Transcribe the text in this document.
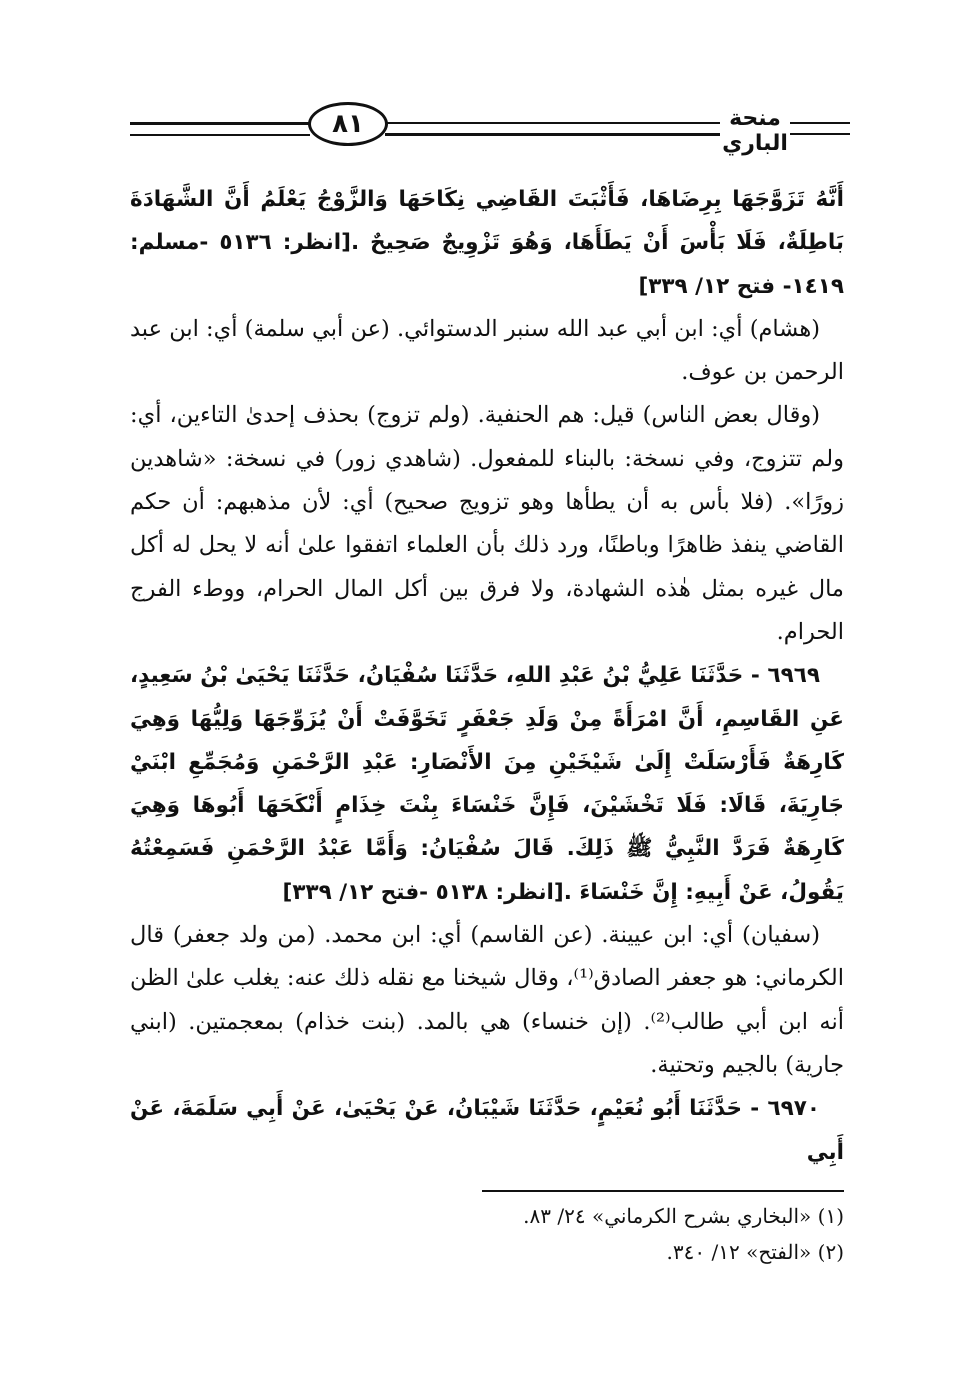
٨١	منحة الباري

أَنَّهُ تَزَوَّجَهَا بِرِضَاهَا، فَأَثْبَتَ القَاضِي نِكَاحَهَا وَالزَّوْجُ يَعْلَمُ أَنَّ الشَّهَادَةَ بَاطِلَةٌ، فَلَا بَأْسَ أَنْ يَطَأَهَا، وَهُوَ تَزْوِيجٌ صَحِيحٌ .[انظر: ٥١٣٦ -مسلم: ١٤١٩- فتح ١٢/ ٣٣٩]

(هشام) أي: ابن أبي عبد الله سنبر الدستوائي. (عن أبي سلمة) أي: ابن عبد الرحمن بن عوف.

(وقال بعض الناس) قيل: هم الحنفية. (ولم تزوج) بحذف إحدىٰ التاءين، أي: ولم تتزوج، وفي نسخة: بالبناء للمفعول. (شاهدي زور) في نسخة: «شاهدين زورًا». (فلا بأس به أن يطأها وهو تزويج صحيح) أي: لأن مذهبهم: أن حكم القاضي ينفذ ظاهرًا وباطنًا، ورد ذلك بأن العلماء اتفقوا علىٰ أنه لا يحل له أكل مال غيره بمثل هٰذه الشهادة، ولا فرق بين أكل المال الحرام، ووطء الفرج الحرام.

٦٩٦٩ - حَدَّثَنَا عَلِيُّ بْنُ عَبْدِ اللهِ، حَدَّثَنَا سُفْيَانُ، حَدَّثَنَا يَحْيَىٰ بْنُ سَعِيدٍ، عَنِ القَاسِمِ، أَنَّ امْرَأَةً مِنْ وَلَدِ جَعْفَرٍ تَخَوَّفَتْ أَنْ يُزَوِّجَهَا وَلِيُّهَا وَهِيَ كَارِهَةٌ فَأَرْسَلَتْ إِلَىٰ شَيْخَيْنِ مِنَ الأَنْصَارِ: عَبْدِ الرَّحْمَنِ وَمُجَمِّعِ ابْنَيْ جَارِيَةَ، قَالَا: فَلَا تَخْشَيْنَ، فَإِنَّ خَنْسَاءَ بِنْتَ خِذَامٍ أَنْكَحَهَا أَبُوهَا وَهِيَ كَارِهَةٌ فَرَدَّ النَّبِيُّ ﷺ ذَلِكَ. قَالَ سُفْيَانُ: وَأَمَّا عَبْدُ الرَّحْمَنِ فَسَمِعْتُهُ يَقُولُ، عَنْ أَبِيهِ: إِنَّ خَنْسَاءَ .[انظر: ٥١٣٨ -فتح ١٢/ ٣٣٩]

(سفيان) أي: ابن عيينة. (عن القاسم) أي: ابن محمد. (من ولد جعفر) قال الكرماني: هو جعفر الصادق⁽¹⁾، وقال شيخنا مع نقله ذلك عنه: يغلب علىٰ الظن أنه ابن أبي طالب⁽²⁾. (إن خنساء) هي بالمد. (بنت خذام) بمعجمتين. (ابني جارية) بالجيم وتحتية.

٦٩٧٠ - حَدَّثَنَا أَبُو نُعَيْمٍ، حَدَّثَنَا شَيْبَانُ، عَنْ يَحْيَىٰ، عَنْ أَبِي سَلَمَةَ، عَنْ أَبِي

(١) «البخاري بشرح الكرماني» ٢٤/ ٨٣.

(٢) «الفتح» ١٢/ ٣٤٠.
